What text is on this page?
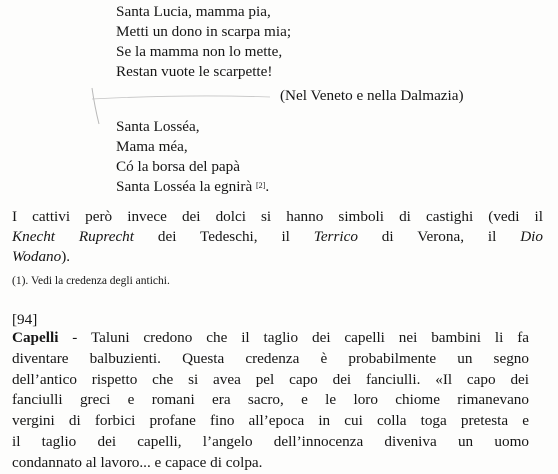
Santa Lucia, mamma pia,
Metti un dono in scarpa mia;
Se la mamma non lo mette,
Restan vuote le scarpette!
(Nel Veneto e nella Dalmazia)
Santa Losséa,
Mama méa,
Có la borsa del papà
Santa Losséa la egnirà [2].
I cattivi però invece dei dolci si hanno simboli di castighi (vedi il
Knecht Ruprecht dei Tedeschi, il Terrico di Verona, il Dio
Wodano).
(1). Vedi la credenza degli antichi.
[94]
Capelli - Taluni credono che il taglio dei capelli nei bambini li fa
diventare balbuzienti. Questa credenza è probabilmente un segno
dell’antico rispetto che si avea pel capo dei fanciulli. «Il capo dei
fanciulli greci e romani era sacro, e le loro chiome rimanevano
vergini di forbici profane fino all’epoca in cui colla toga pretesta e
il taglio dei capelli, l’angelo dell’innocenza diveniva un uomo
condannato al lavoro... e capace di colpa.
